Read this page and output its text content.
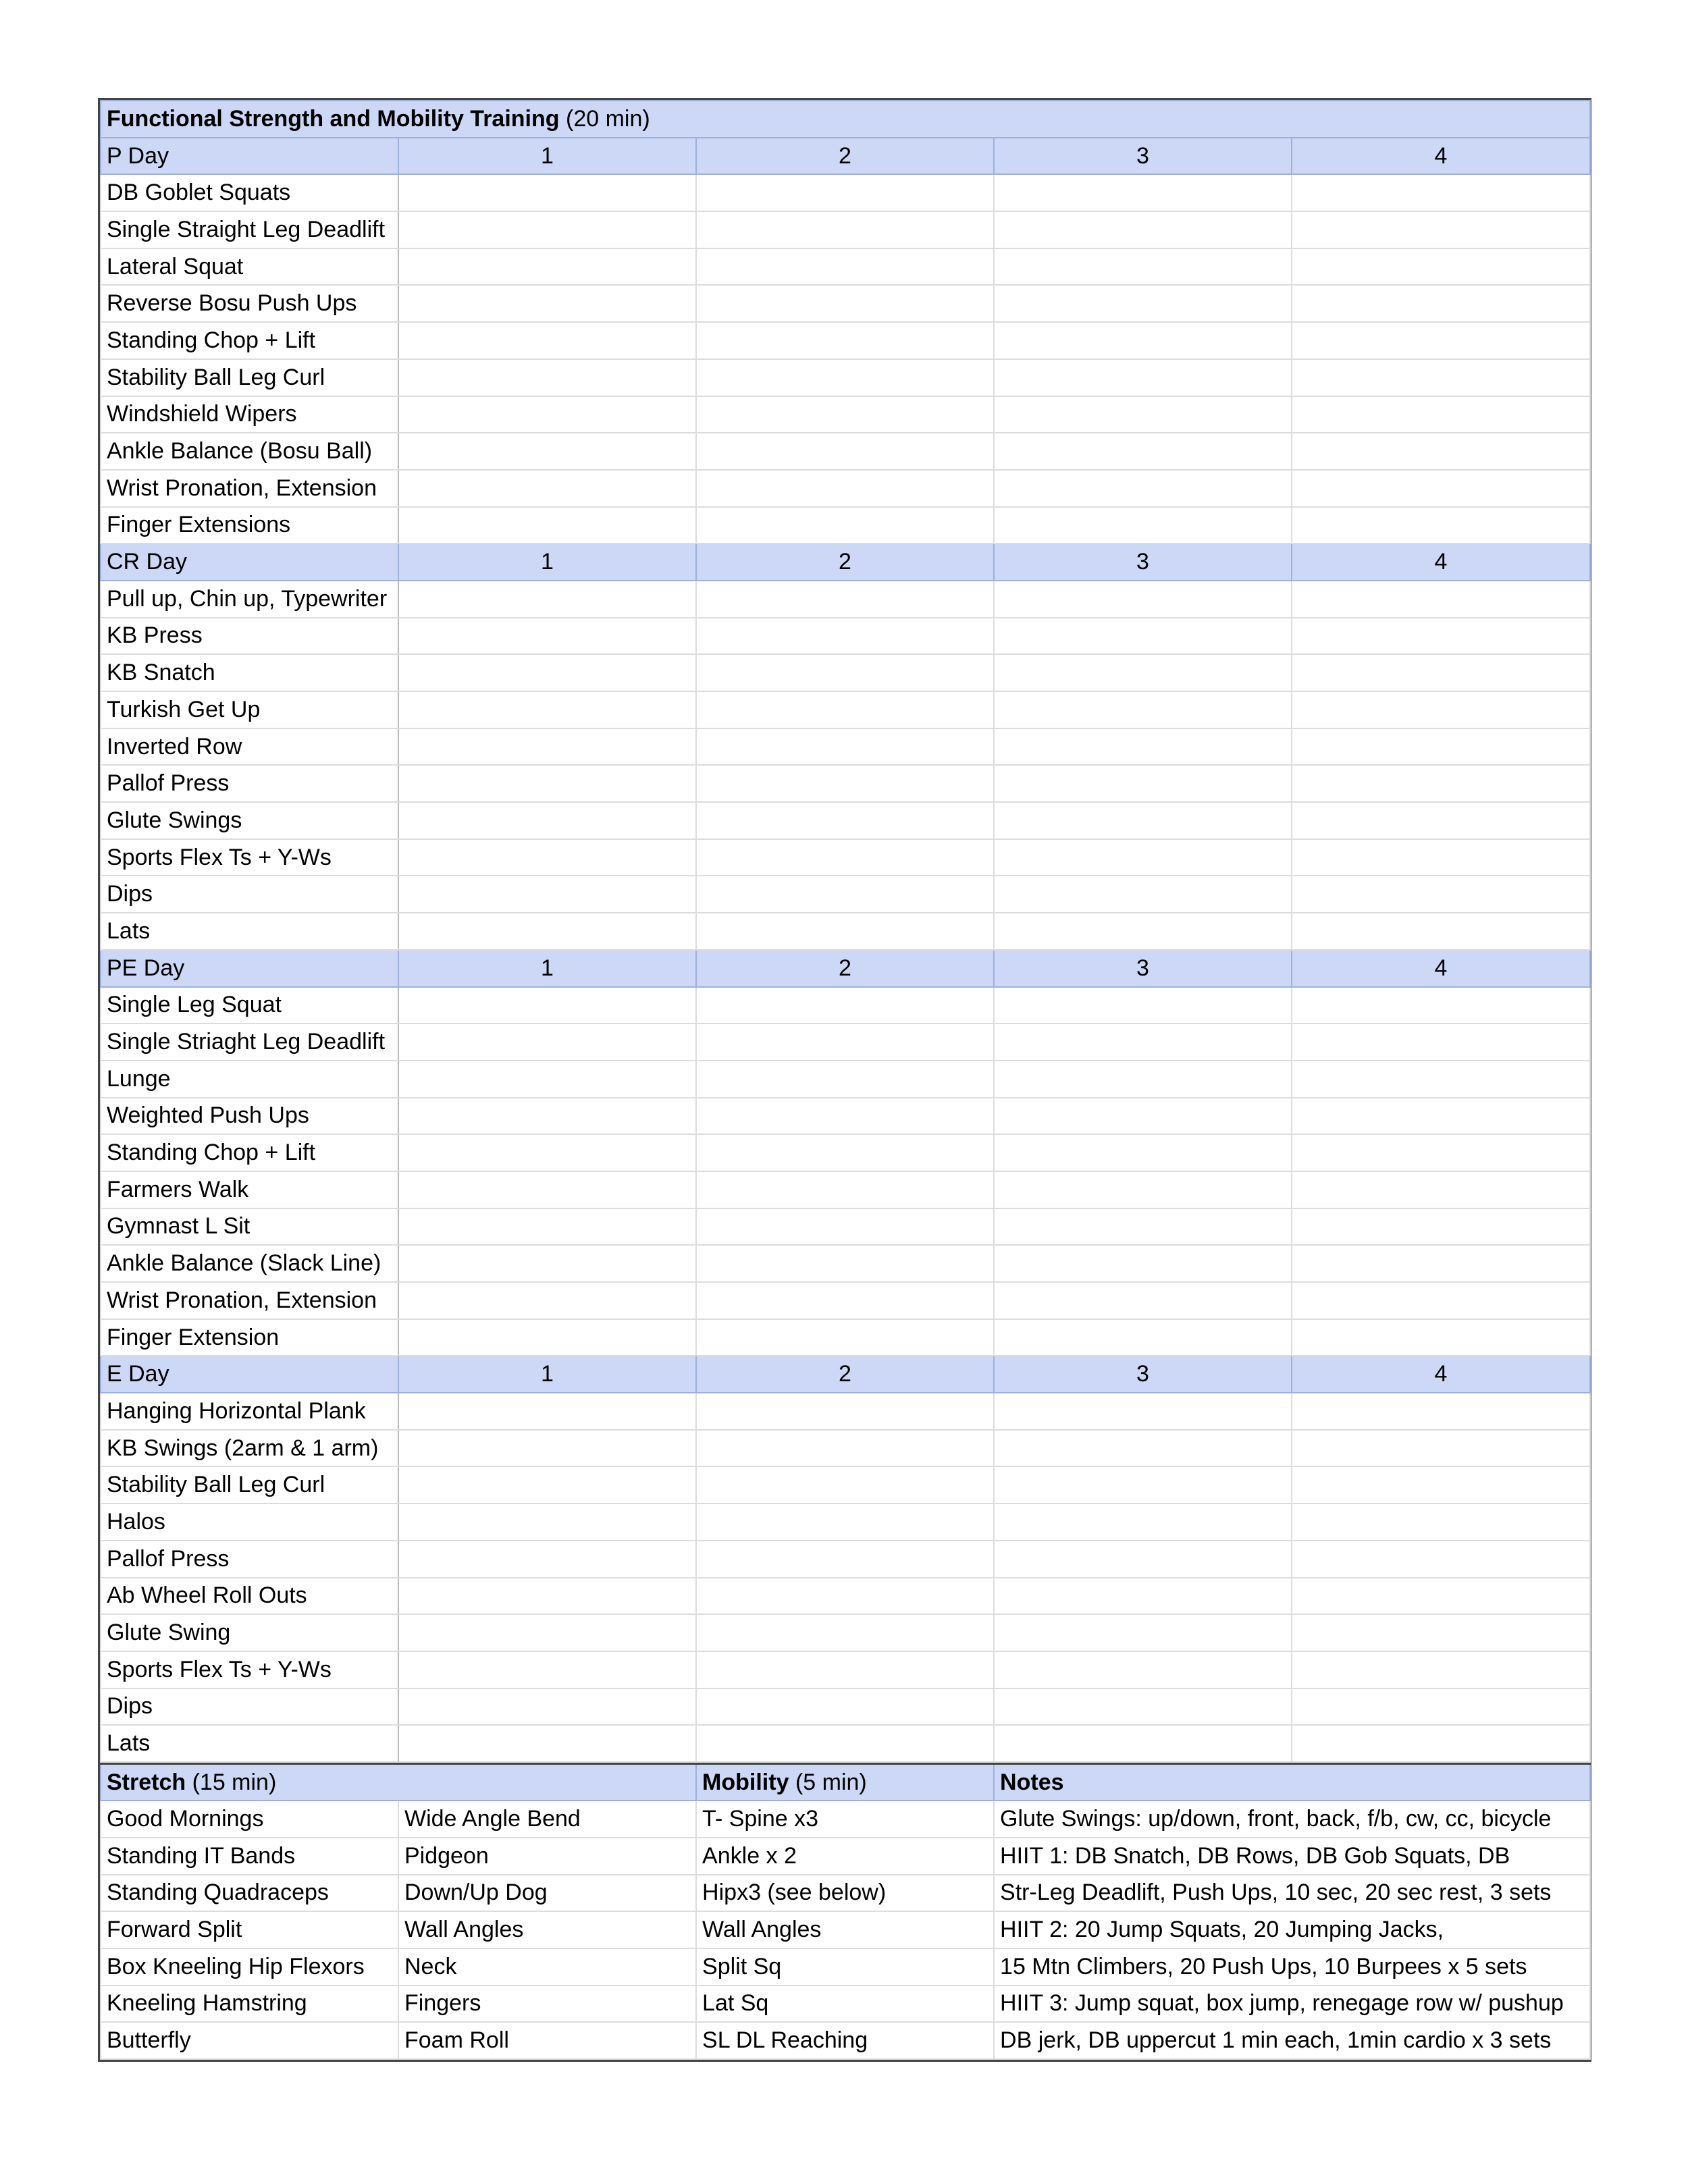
Functional Strength and Mobility Training (20 min)				
P Day	1	2	3	4
DB Goblet Squats				
Single Straight Leg Deadlift				
Lateral Squat				
Reverse Bosu Push Ups				
Standing Chop + Lift				
Stability Ball Leg Curl				
Windshield Wipers				
Ankle Balance (Bosu Ball)				
Wrist Pronation, Extension				
Finger Extensions				
CR Day	1	2	3	4
Pull up, Chin up, Typewriter				
KB Press				
KB Snatch				
Turkish Get Up				
Inverted Row				
Pallof Press				
Glute Swings				
Sports Flex Ts + Y-Ws				
Dips				
Lats				
PE Day	1	2	3	4
Single Leg Squat				
Single Striaght Leg Deadlift				
Lunge				
Weighted Push Ups				
Standing Chop + Lift				
Farmers Walk				
Gymnast L Sit				
Ankle Balance (Slack Line)				
Wrist Pronation, Extension				
Finger Extension				
E Day	1	2	3	4
Hanging Horizontal Plank				
KB Swings (2arm & 1 arm)				
Stability Ball Leg Curl				
Halos				
Pallof Press				
Ab Wheel Roll Outs				
Glute Swing				
Sports Flex Ts + Y-Ws				
Dips				
Lats				
Stretch (15 min)		Mobility (5 min)	Notes
Good Mornings	Wide Angle Bend	T- Spine x3	Glute Swings: up/down, front, back, f/b, cw, cc, bicycle
Standing IT Bands	Pidgeon	Ankle x 2	HIIT 1: DB Snatch, DB Rows, DB Gob Squats, DB
Standing Quadraceps	Down/Up Dog	Hipx3 (see below)	Str-Leg Deadlift, Push Ups, 10 sec, 20 sec rest, 3 sets
Forward Split	Wall Angles	Wall Angles	HIIT 2: 20 Jump Squats, 20 Jumping Jacks,
Box Kneeling Hip Flexors	Neck	Split Sq	15 Mtn Climbers, 20 Push Ups, 10 Burpees x 5 sets
Kneeling Hamstring	Fingers	Lat Sq	HIIT 3: Jump squat, box jump, renegage row w/ pushup
Butterfly	Foam Roll	SL DL Reaching	DB jerk, DB uppercut 1 min each, 1min cardio x 3 sets
